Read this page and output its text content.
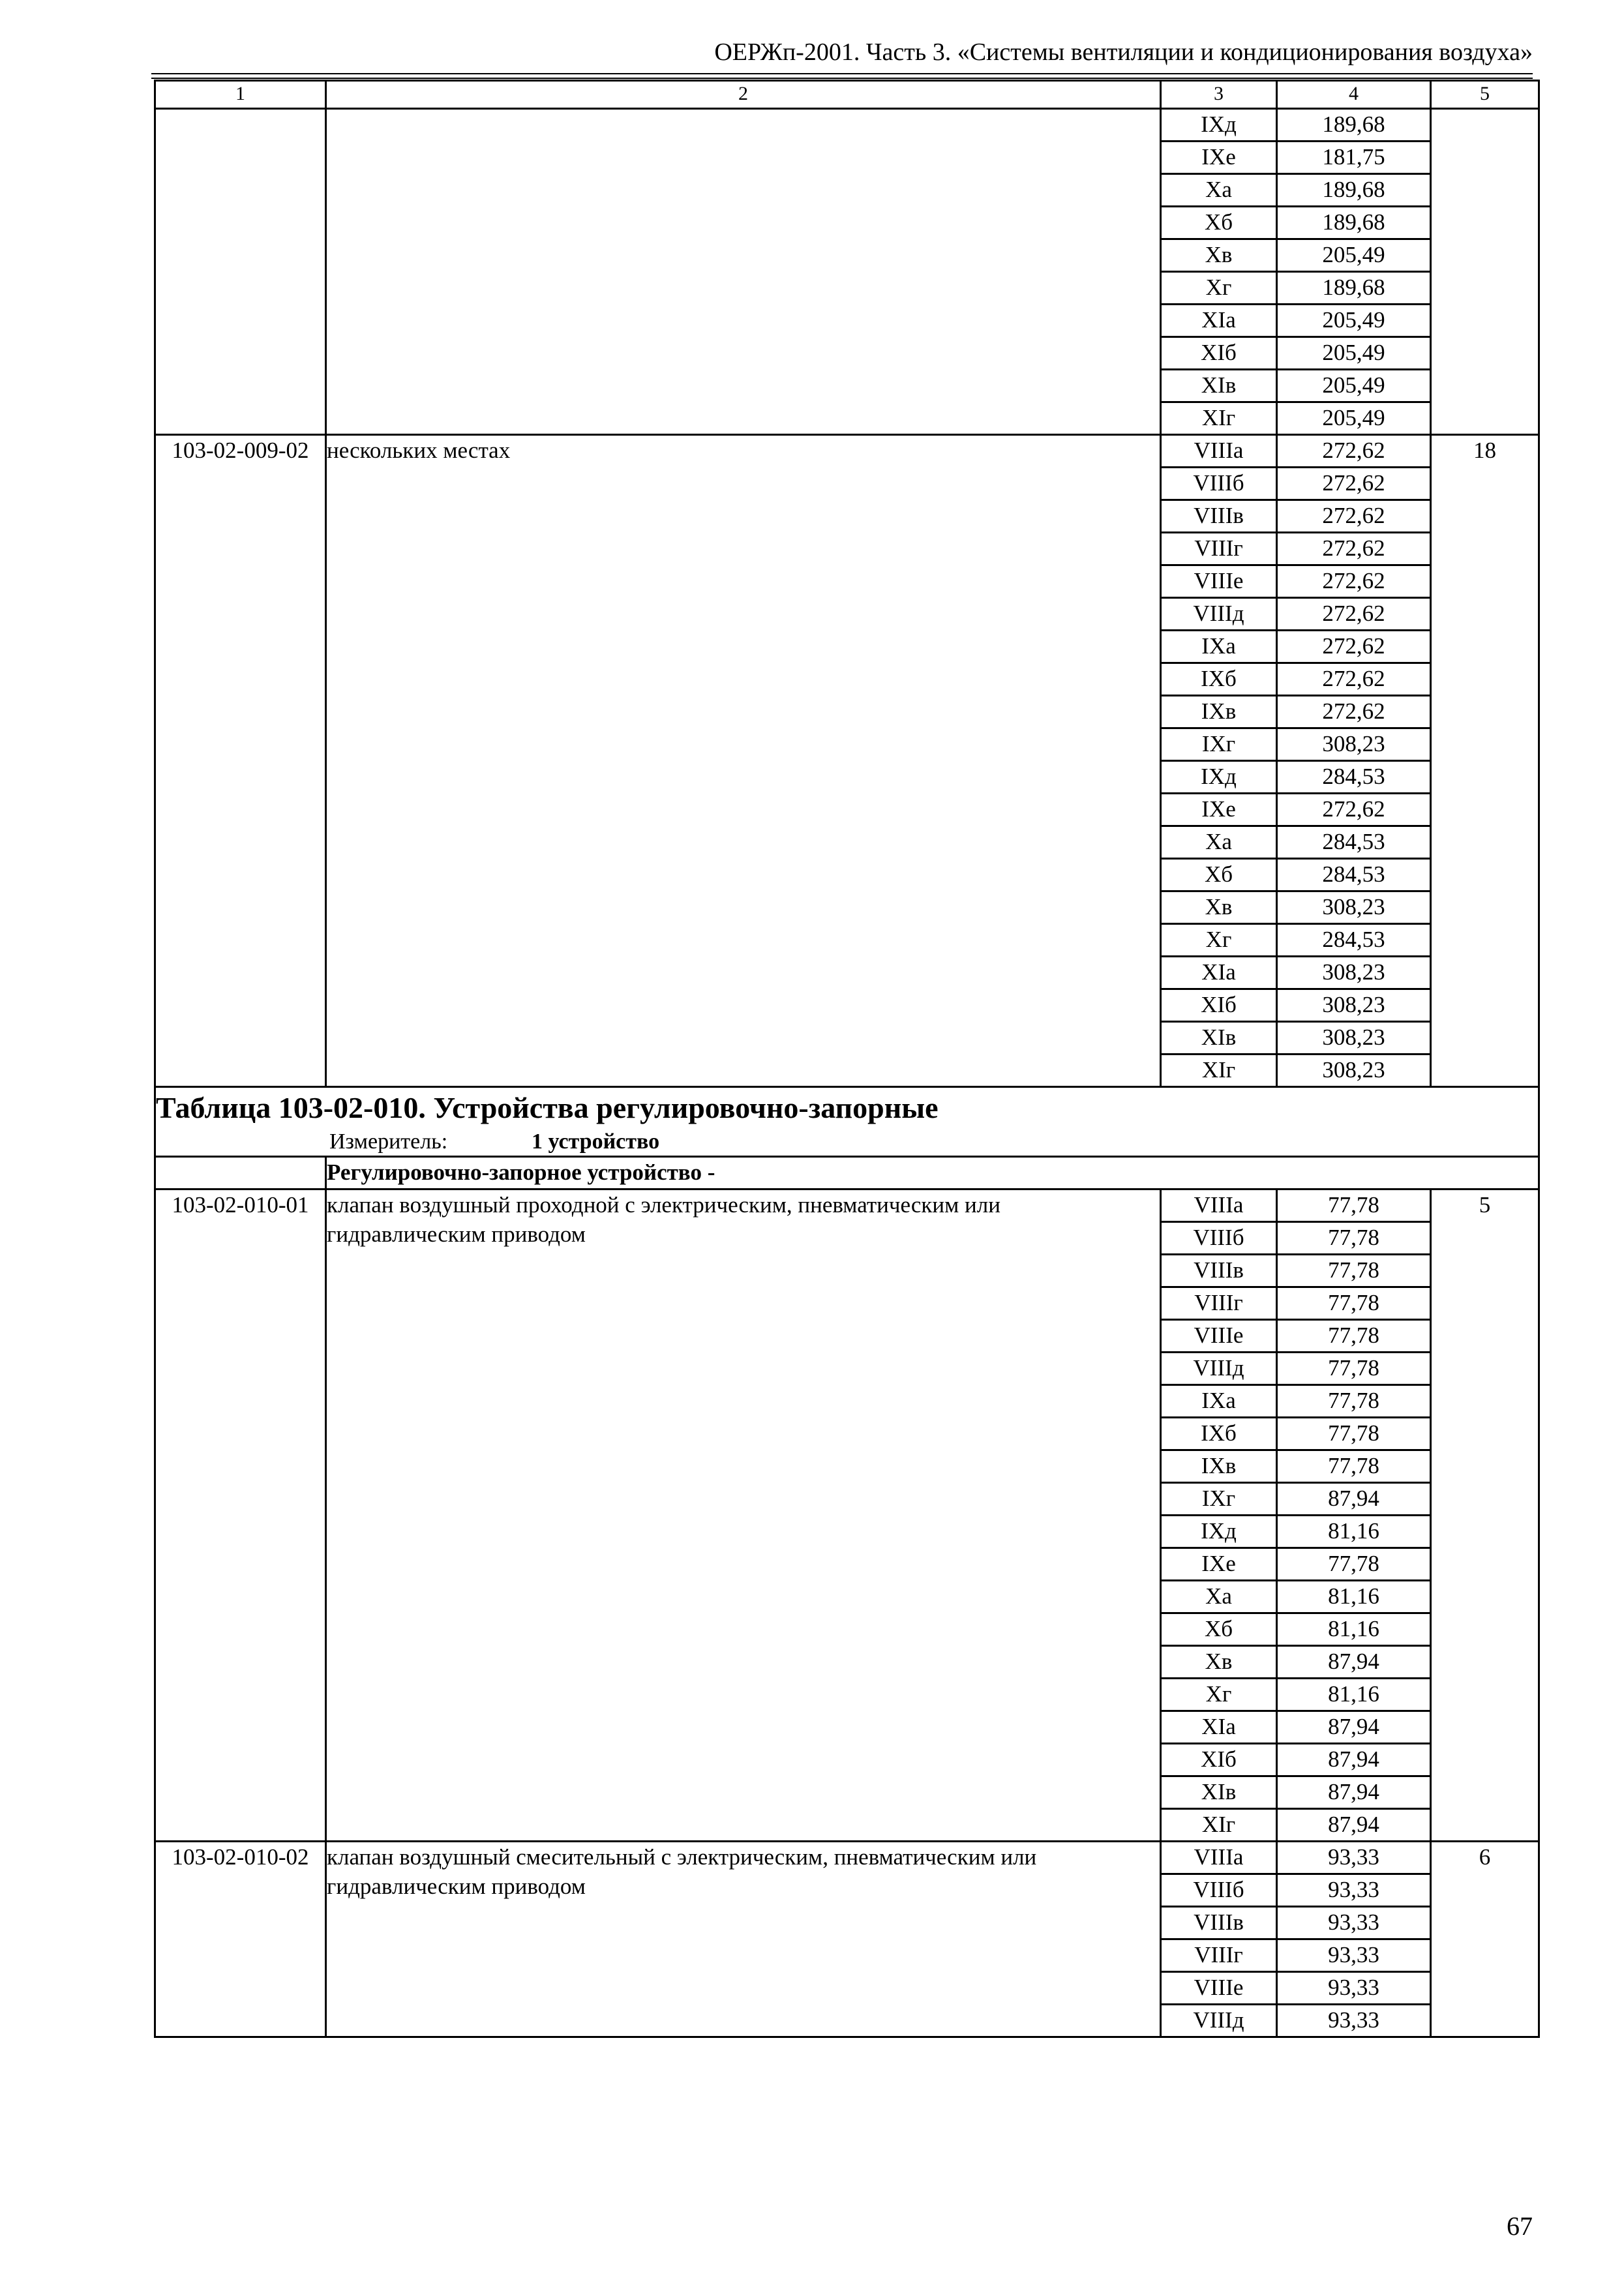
ОЕРЖп-2001. Часть 3. «Системы вентиляции и кондиционирования воздуха»
1	2	3	4	5
		IXд	189,68	
		IXe	181,75	
		Xa	189,68	
		Xб	189,68	
		Xв	205,49	
		Xг	189,68	
		XIa	205,49	
		XIб	205,49	
		XIв	205,49	
		XIг	205,49	
103-02-009-02	нескольких местах	VIIIa	272,62	18
		VIIIб	272,62	
		VIIIв	272,62	
		VIIIг	272,62	
		VIIIe	272,62	
		VIIIд	272,62	
		IXa	272,62	
		IXб	272,62	
		IXв	272,62	
		IXг	308,23	
		IXд	284,53	
		IXe	272,62	
		Xa	284,53	
		Xб	284,53	
		Xв	308,23	
		Xг	284,53	
		XIa	308,23	
		XIб	308,23	
		XIв	308,23	
		XIг	308,23	

Таблица 103-02-010. Устройства регулировочно-запорные
Измеритель: 1 устройство				

	Регулировочно-запорное устройство -			
103-02-010-01	клапан воздушный проходной с электрическим, пневматическим или гидравлическим приводом	VIIIa	77,78	5
		VIIIб	77,78	
		VIIIв	77,78	
		VIIIг	77,78	
		VIIIe	77,78	
		VIIIд	77,78	
		IXa	77,78	
		IXб	77,78	
		IXв	77,78	
		IXг	87,94	
		IXд	81,16	
		IXe	77,78	
		Xa	81,16	
		Xб	81,16	
		Xв	87,94	
		Xг	81,16	
		XIa	87,94	
		XIб	87,94	
		XIв	87,94	
		XIг	87,94	
103-02-010-02	клапан воздушный смесительный с электрическим, пневматическим или гидравлическим приводом	VIIIa	93,33	6
		VIIIб	93,33	
		VIIIв	93,33	
		VIIIг	93,33	
		VIIIe	93,33	
		VIIIд	93,33	
67
